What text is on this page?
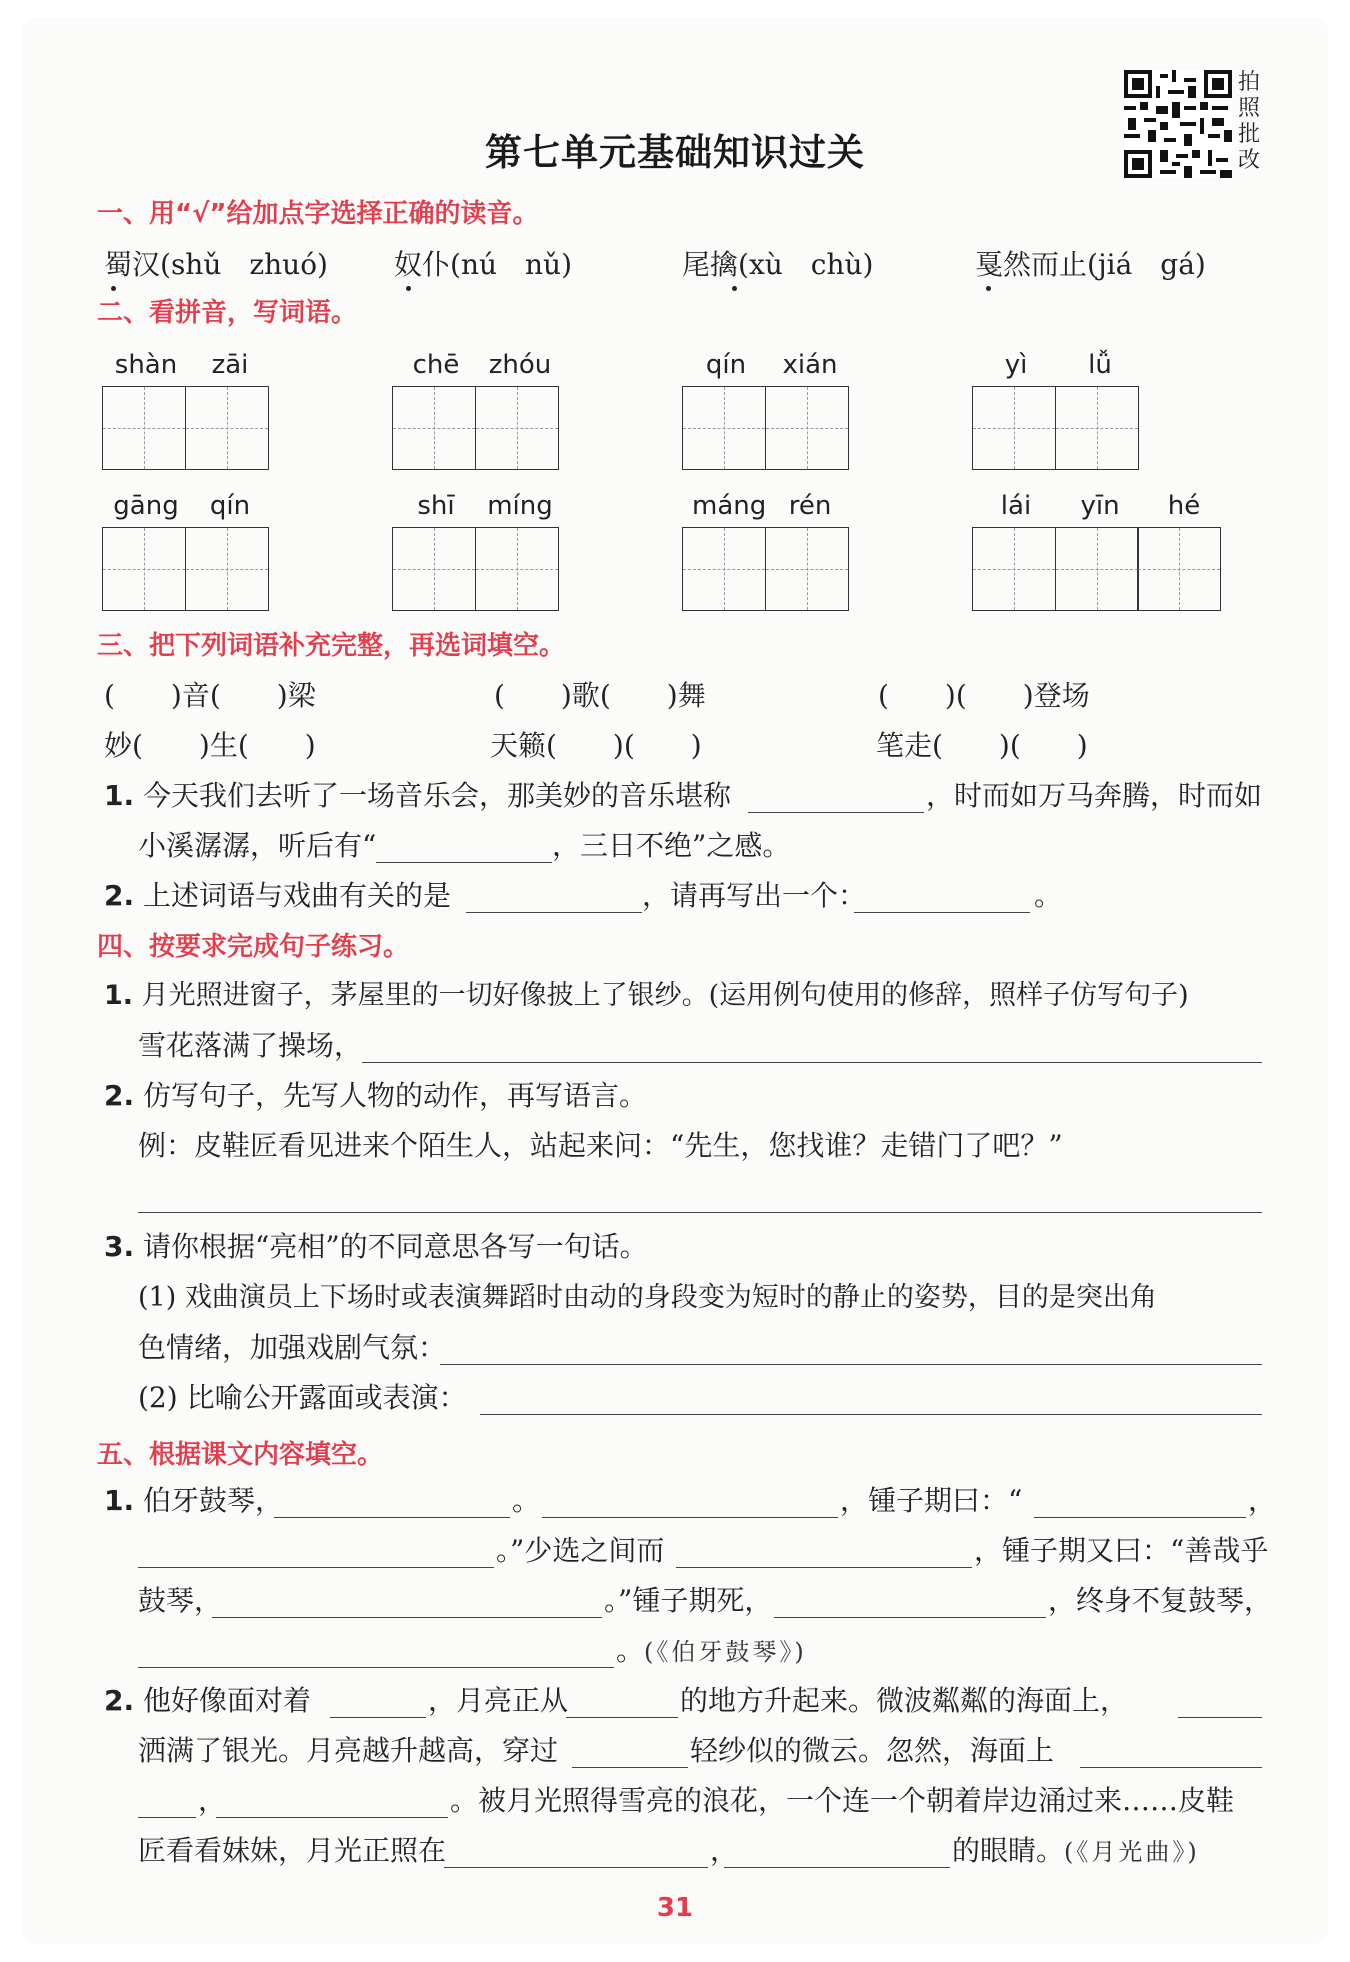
第七单元基础知识过关
拍
照
批
改
一、用“√”给加点字选择正确的读音。
蜀汉(shǔ　zhuó) 奴仆(nú　nǔ)	尾擒(xù　chù)	戛然而止(jiá　gá)
二、看拼音，写词语。
shàn	zāi	chē	zhóu	qín	xián	yì	lǚ
gāng	qín	shī	míng	máng rén	lái	yīn	hé
三、把下列词语补充完整，再选词填空。
(　　)音(　　)梁	(　　)歌(　　)舞	(　　)(　　)登场
妙(　　)生(　　)	天籁(　　)(　　)	笔走(　　)(　　)
1. 今天我们去听了一场音乐会，那美妙的音乐堪称	，时而如万马奔腾，时而如
小溪潺潺，听后有“	，三日不绝”之感。
2. 上述词语与戏曲有关的是	，请再写出一个：	。
四、按要求完成句子练习。
1. 月光照进窗子，茅屋里的一切好像披上了银纱。(运用例句使用的修辞，照样子仿写句子)
雪花落满了操场，
2. 仿写句子，先写人物的动作，再写语言。
例：皮鞋匠看见进来个陌生人，站起来问：“先生，您找谁？走错门了吧？”
3. 请你根据“亮相”的不同意思各写一句话。
(1) 戏曲演员上下场时或表演舞蹈时由动的身段变为短时的静止的姿势，目的是突出角
色情绪，加强戏剧气氛：
(2) 比喻公开露面或表演：
五、根据课文内容填空。
1. 伯牙鼓琴，	。	，锺子期曰：“	，
。”少选之间而	，锺子期又曰：“善哉乎
鼓琴，	。”锺子期死，	，终身不复鼓琴，
。(《伯牙鼓琴》)
2. 他好像面对着	，月亮正从	的地方升起来。微波粼粼的海面上，
洒满了银光。月亮越升越高，穿过	轻纱似的微云。忽然，海面上
，	。被月光照得雪亮的浪花，一个连一个朝着岸边涌过来……皮鞋
匠看看妹妹，月光正照在	，	的眼睛。(《月光曲》)
31
